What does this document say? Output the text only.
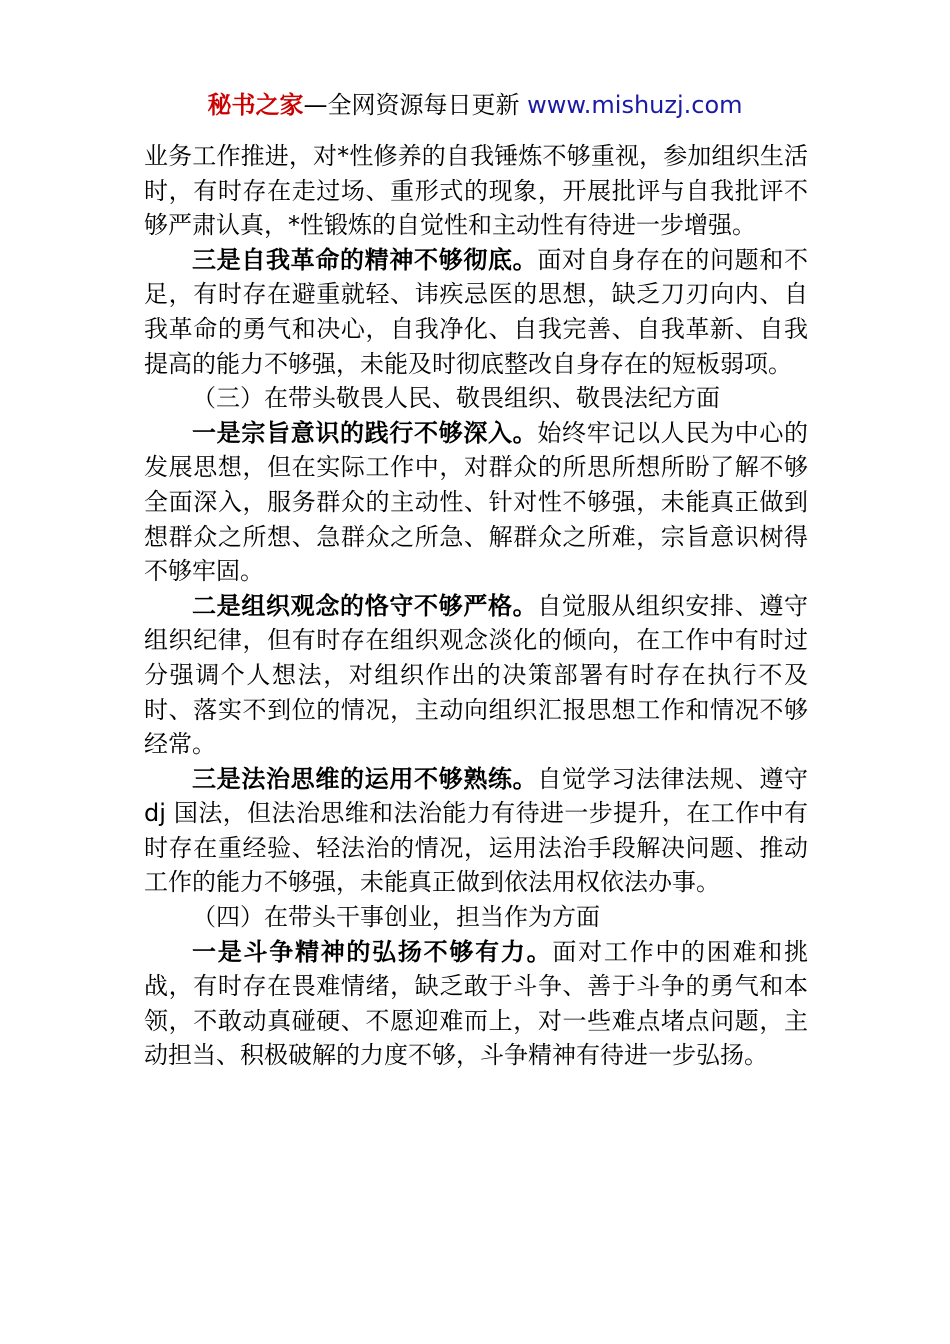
秘书之家—全网资源每日更新 www.mishuzj.com

业务工作推进，对*性修养的自我锤炼不够重视，参加组织生活时，有时存在走过场、重形式的现象，开展批评与自我批评不够严肃认真，*性锻炼的自觉性和主动性有待进一步增强。

三是自我革命的精神不够彻底。面对自身存在的问题和不足，有时存在避重就轻、讳疾忌医的思想，缺乏刀刃向内、自我革命的勇气和决心，自我净化、自我完善、自我革新、自我提高的能力不够强，未能及时彻底整改自身存在的短板弱项。

（三）在带头敬畏人民、敬畏组织、敬畏法纪方面

一是宗旨意识的践行不够深入。始终牢记以人民为中心的发展思想，但在实际工作中，对群众的所思所想所盼了解不够全面深入，服务群众的主动性、针对性不够强，未能真正做到想群众之所想、急群众之所急、解群众之所难，宗旨意识树得不够牢固。

二是组织观念的恪守不够严格。自觉服从组织安排、遵守组织纪律，但有时存在组织观念淡化的倾向，在工作中有时过分强调个人想法，对组织作出的决策部署有时存在执行不及时、落实不到位的情况，主动向组织汇报思想工作和情况不够经常。

三是法治思维的运用不够熟练。自觉学习法律法规、遵守 dj 国法，但法治思维和法治能力有待进一步提升，在工作中有时存在重经验、轻法治的情况，运用法治手段解决问题、推动工作的能力不够强，未能真正做到依法用权依法办事。

（四）在带头干事创业，担当作为方面

一是斗争精神的弘扬不够有力。面对工作中的困难和挑战，有时存在畏难情绪，缺乏敢于斗争、善于斗争的勇气和本领，不敢动真碰硬、不愿迎难而上，对一些难点堵点问题，主动担当、积极破解的力度不够，斗争精神有待进一步弘扬。
